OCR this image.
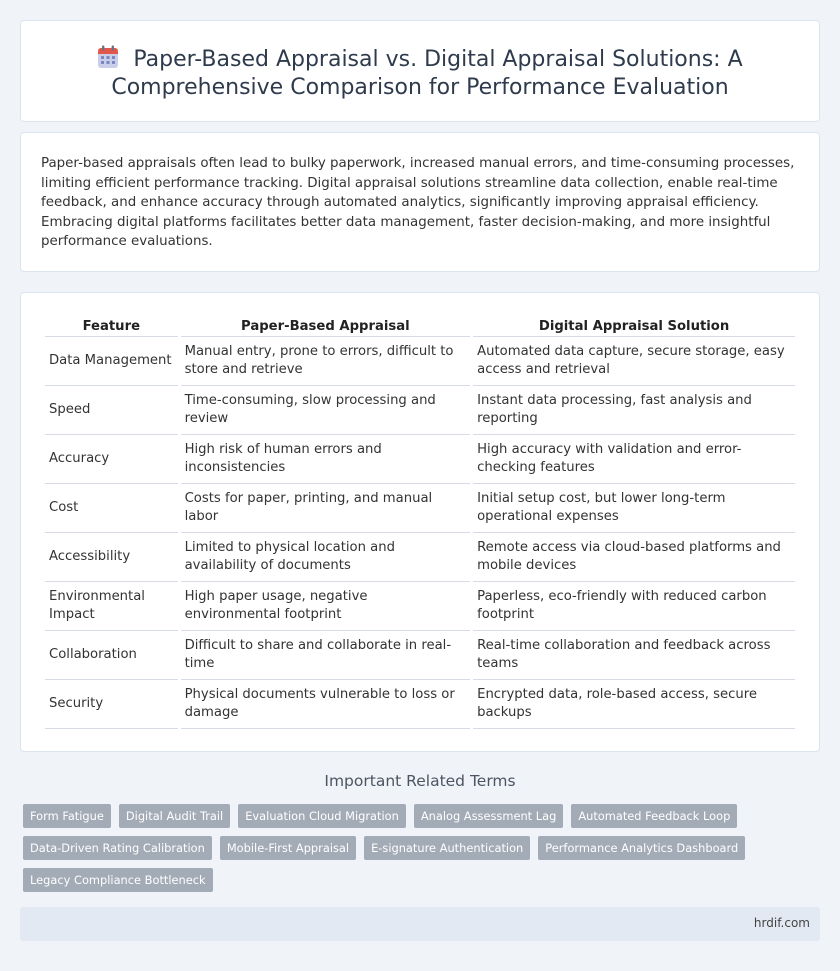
Paper-Based Appraisal vs. Digital Appraisal Solutions: A Comprehensive Comparison for Performance Evaluation

Paper-based appraisals often lead to bulky paperwork, increased manual errors, and time-consuming processes, limiting efficient performance tracking. Digital appraisal solutions streamline data collection, enable real-time feedback, and enhance accuracy through automated analytics, significantly improving appraisal efficiency. Embracing digital platforms facilitates better data management, faster decision-making, and more insightful performance evaluations.

Feature	Paper-Based Appraisal	Digital Appraisal Solution
Data Management	Manual entry, prone to errors, difficult to store and retrieve	Automated data capture, secure storage, easy access and retrieval
Speed	Time-consuming, slow processing and review	Instant data processing, fast analysis and reporting
Accuracy	High risk of human errors and inconsistencies	High accuracy with validation and error-checking features
Cost	Costs for paper, printing, and manual labor	Initial setup cost, but lower long-term operational expenses
Accessibility	Limited to physical location and availability of documents	Remote access via cloud-based platforms and mobile devices
Environmental Impact	High paper usage, negative environmental footprint	Paperless, eco-friendly with reduced carbon footprint
Collaboration	Difficult to share and collaborate in real-time	Real-time collaboration and feedback across teams
Security	Physical documents vulnerable to loss or damage	Encrypted data, role-based access, secure backups
Important Related Terms
Form Fatigue	Digital Audit Trail	Evaluation Cloud Migration	Analog Assessment Lag	Automated Feedback Loop
Data-Driven Rating Calibration	Mobile-First Appraisal	E-signature Authentication	Performance Analytics Dashboard
Legacy Compliance Bottleneck
hrdif.com
